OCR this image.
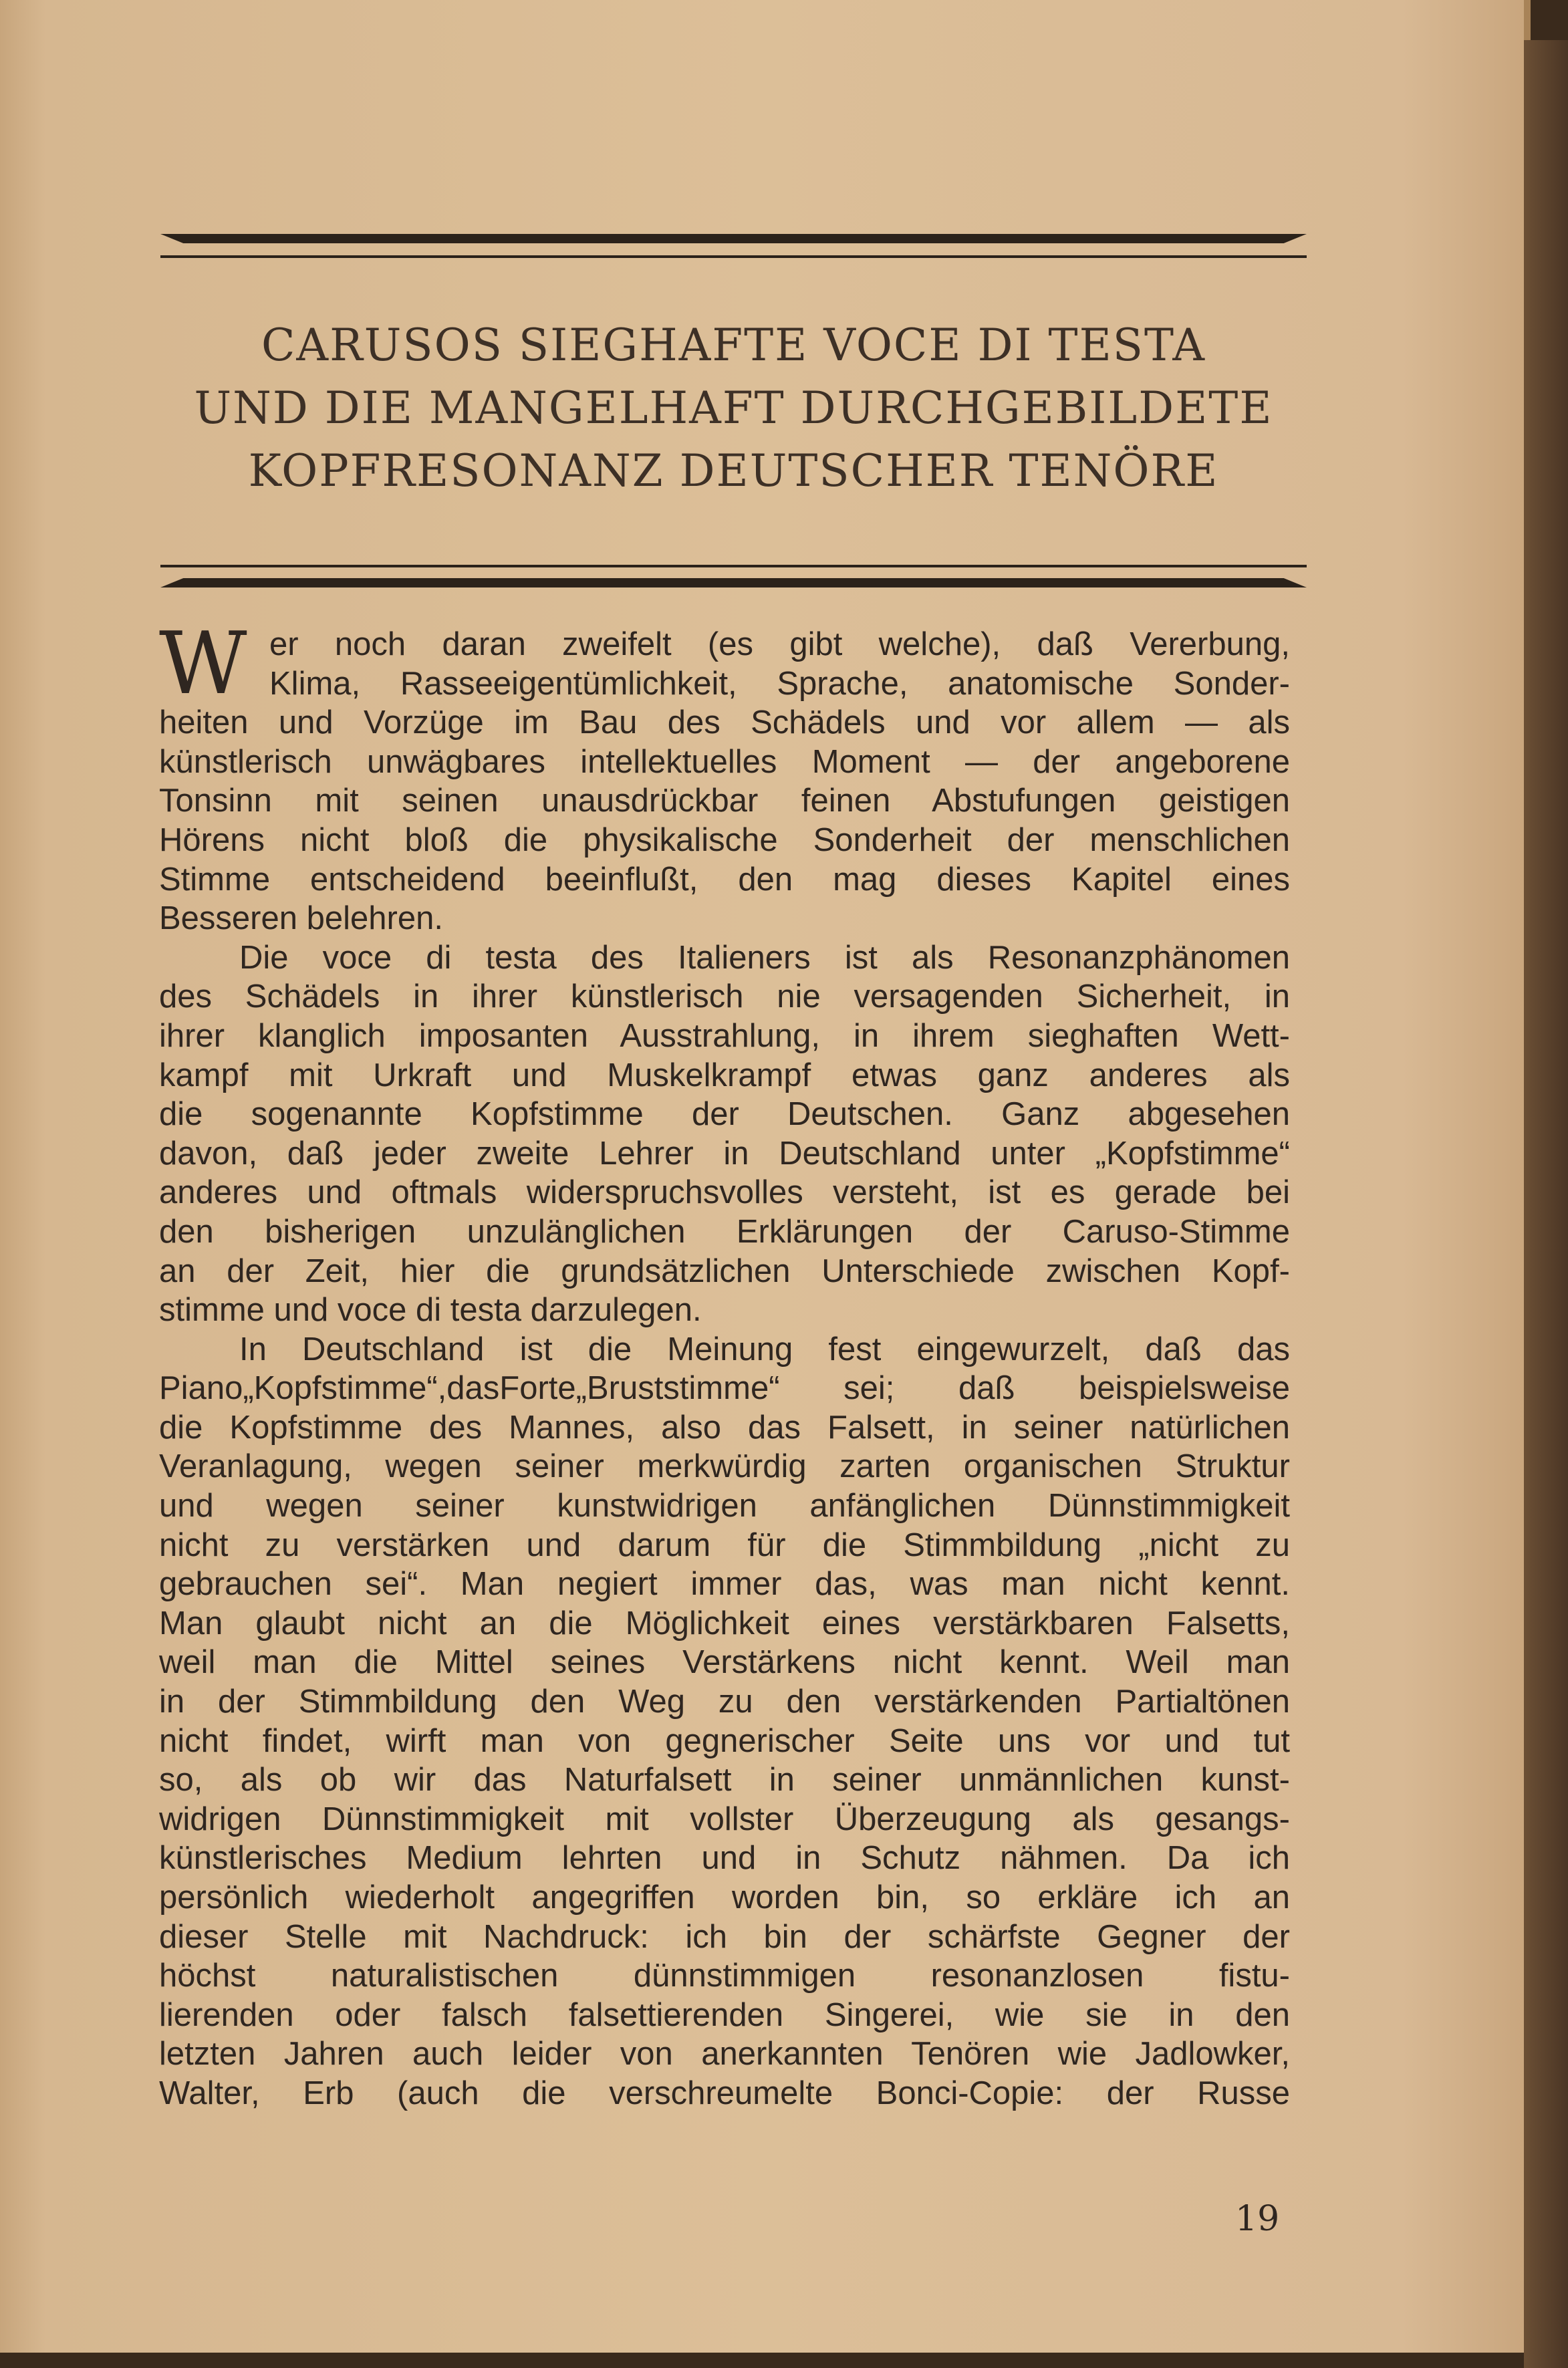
CARUSOS SIEGHAFTE VOCE DI TESTA
UND DIE MANGELHAFT DURCHGEBILDETE
KOPFRESONANZ DEUTSCHER TENÖRE
W er noch daran zweifelt (es gibt welche), daß Vererbung,
Klima, Rasseeigentümlichkeit, Sprache, anatomische Sonder-
heiten und Vorzüge im Bau des Schädels und vor allem — als
künstlerisch unwägbares intellektuelles Moment — der angeborene
Tonsinn mit seinen unausdrückbar feinen Abstufungen geistigen
Hörens nicht bloß die physikalische Sonderheit der menschlichen
Stimme entscheidend beeinflußt, den mag dieses Kapitel eines
Besseren belehren.
Die voce di testa des Italieners ist als Resonanzphänomen
des Schädels in ihrer künstlerisch nie versagenden Sicherheit, in
ihrer klanglich imposanten Ausstrahlung, in ihrem sieghaften Wett-
kampf mit Urkraft und Muskelkrampf etwas ganz anderes als
die sogenannte Kopfstimme der Deutschen. Ganz abgesehen
davon, daß jeder zweite Lehrer in Deutschland unter „Kopfstimme“
anderes und oftmals widerspruchsvolles versteht, ist es gerade bei
den bisherigen unzulänglichen Erklärungen der Caruso-Stimme
an der Zeit, hier die grundsätzlichen Unterschiede zwischen Kopf-
stimme und voce di testa darzulegen.
In Deutschland ist die Meinung fest eingewurzelt, daß das
Piano„Kopfstimme“,dasForte„Bruststimme“ sei; daß beispielsweise
die Kopfstimme des Mannes, also das Falsett, in seiner natürlichen
Veranlagung, wegen seiner merkwürdig zarten organischen Struktur
und wegen seiner kunstwidrigen anfänglichen Dünnstimmigkeit
nicht zu verstärken und darum für die Stimmbildung „nicht zu
gebrauchen sei“. Man negiert immer das, was man nicht kennt.
Man glaubt nicht an die Möglichkeit eines verstärkbaren Falsetts,
weil man die Mittel seines Verstärkens nicht kennt. Weil man
in der Stimmbildung den Weg zu den verstärkenden Partialtönen
nicht findet, wirft man von gegnerischer Seite uns vor und tut
so, als ob wir das Naturfalsett in seiner unmännlichen kunst-
widrigen Dünnstimmigkeit mit vollster Überzeugung als gesangs-
künstlerisches Medium lehrten und in Schutz nähmen. Da ich
persönlich wiederholt angegriffen worden bin, so erkläre ich an
dieser Stelle mit Nachdruck: ich bin der schärfste Gegner der
höchst naturalistischen dünnstimmigen resonanzlosen fistu-
lierenden oder falsch falsettierenden Singerei, wie sie in den
letzten Jahren auch leider von anerkannten Tenören wie Jadlowker,
Walter, Erb (auch die verschreumelte Bonci-Copie: der Russe
19
